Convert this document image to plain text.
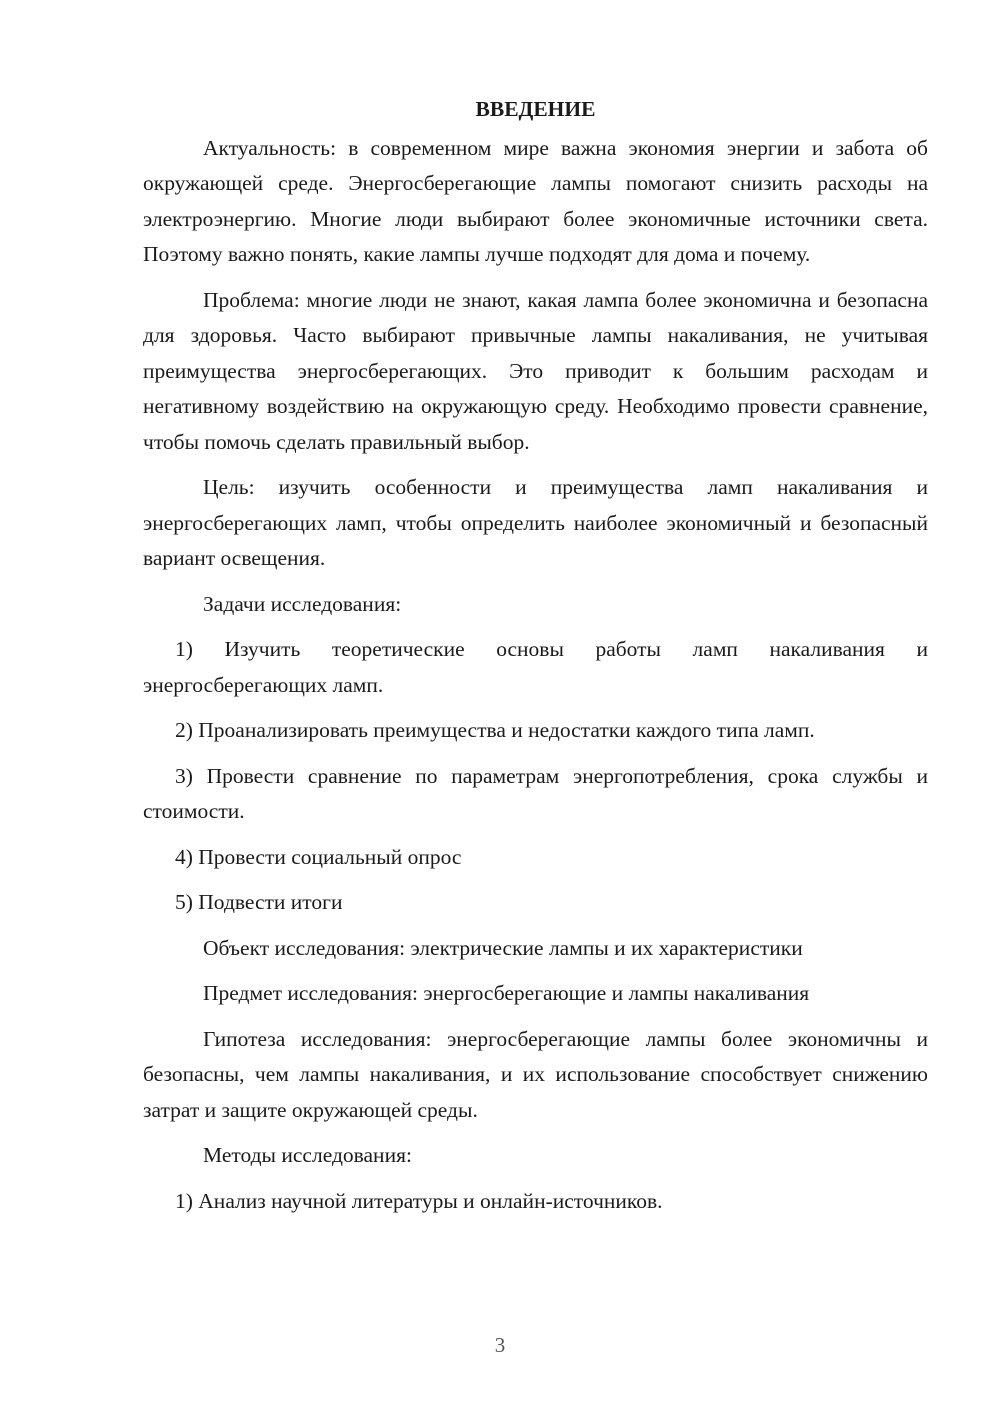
ВВЕДЕНИЕ

Актуальность: в современном мире важна экономия энергии и забота об окружающей среде. Энергосберегающие лампы помогают снизить расходы на электроэнергию. Многие люди выбирают более экономичные источники света. Поэтому важно понять, какие лампы лучше подходят для дома и почему.

Проблема: многие люди не знают, какая лампа более экономична и безопасна для здоровья. Часто выбирают привычные лампы накаливания, не учитывая преимущества энергосберегающих. Это приводит к большим расходам и негативному воздействию на окружающую среду. Необходимо провести сравнение, чтобы помочь сделать правильный выбор.

Цель: изучить особенности и преимущества ламп накаливания и энергосберегающих ламп, чтобы определить наиболее экономичный и безопасный вариант освещения.

Задачи исследования:

1) Изучить теоретические основы работы ламп накаливания и энергосберегающих ламп.

2) Проанализировать преимущества и недостатки каждого типа ламп.

3) Провести сравнение по параметрам энергопотребления, срока службы и стоимости.

4) Провести социальный опрос

5) Подвести итоги

Объект исследования: электрические лампы и их характеристики

Предмет исследования: энергосберегающие и лампы накаливания

Гипотеза исследования: энергосберегающие лампы более экономичны и безопасны, чем лампы накаливания, и их использование способствует снижению затрат и защите окружающей среды.

Методы исследования:

1) Анализ научной литературы и онлайн-источников.

3
